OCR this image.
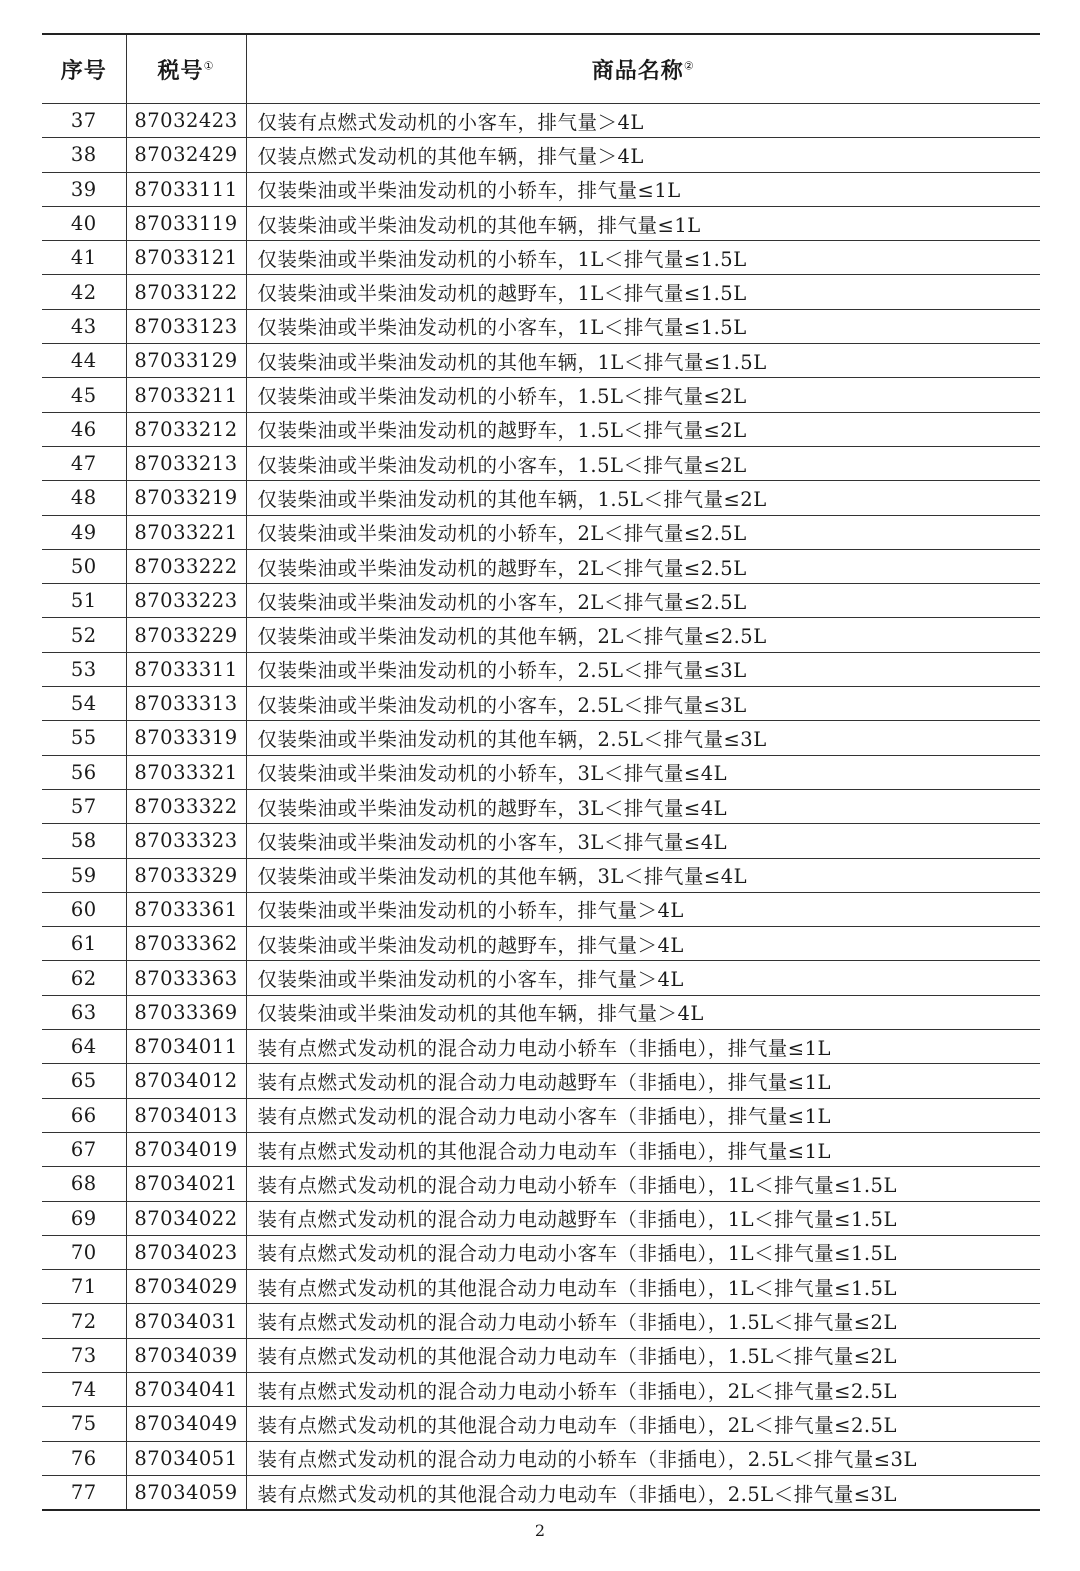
序号	税号①	商品名称②
37	87032423	仅装有点燃式发动机的小客车，排气量＞4L
38	87032429	仅装点燃式发动机的其他车辆，排气量＞4L
39	87033111	仅装柴油或半柴油发动机的小轿车，排气量≤1L
40	87033119	仅装柴油或半柴油发动机的其他车辆，排气量≤1L
41	87033121	仅装柴油或半柴油发动机的小轿车，1L＜排气量≤1.5L
42	87033122	仅装柴油或半柴油发动机的越野车，1L＜排气量≤1.5L
43	87033123	仅装柴油或半柴油发动机的小客车，1L＜排气量≤1.5L
44	87033129	仅装柴油或半柴油发动机的其他车辆，1L＜排气量≤1.5L
45	87033211	仅装柴油或半柴油发动机的小轿车，1.5L＜排气量≤2L
46	87033212	仅装柴油或半柴油发动机的越野车，1.5L＜排气量≤2L
47	87033213	仅装柴油或半柴油发动机的小客车，1.5L＜排气量≤2L
48	87033219	仅装柴油或半柴油发动机的其他车辆，1.5L＜排气量≤2L
49	87033221	仅装柴油或半柴油发动机的小轿车，2L＜排气量≤2.5L
50	87033222	仅装柴油或半柴油发动机的越野车，2L＜排气量≤2.5L
51	87033223	仅装柴油或半柴油发动机的小客车，2L＜排气量≤2.5L
52	87033229	仅装柴油或半柴油发动机的其他车辆，2L＜排气量≤2.5L
53	87033311	仅装柴油或半柴油发动机的小轿车，2.5L＜排气量≤3L
54	87033313	仅装柴油或半柴油发动机的小客车，2.5L＜排气量≤3L
55	87033319	仅装柴油或半柴油发动机的其他车辆，2.5L＜排气量≤3L
56	87033321	仅装柴油或半柴油发动机的小轿车，3L＜排气量≤4L
57	87033322	仅装柴油或半柴油发动机的越野车，3L＜排气量≤4L
58	87033323	仅装柴油或半柴油发动机的小客车，3L＜排气量≤4L
59	87033329	仅装柴油或半柴油发动机的其他车辆，3L＜排气量≤4L
60	87033361	仅装柴油或半柴油发动机的小轿车，排气量＞4L
61	87033362	仅装柴油或半柴油发动机的越野车，排气量＞4L
62	87033363	仅装柴油或半柴油发动机的小客车，排气量＞4L
63	87033369	仅装柴油或半柴油发动机的其他车辆，排气量＞4L
64	87034011	装有点燃式发动机的混合动力电动小轿车（非插电），排气量≤1L
65	87034012	装有点燃式发动机的混合动力电动越野车（非插电），排气量≤1L
66	87034013	装有点燃式发动机的混合动力电动小客车（非插电），排气量≤1L
67	87034019	装有点燃式发动机的其他混合动力电动车（非插电），排气量≤1L
68	87034021	装有点燃式发动机的混合动力电动小轿车（非插电），1L＜排气量≤1.5L
69	87034022	装有点燃式发动机的混合动力电动越野车（非插电），1L＜排气量≤1.5L
70	87034023	装有点燃式发动机的混合动力电动小客车（非插电），1L＜排气量≤1.5L
71	87034029	装有点燃式发动机的其他混合动力电动车（非插电），1L＜排气量≤1.5L
72	87034031	装有点燃式发动机的混合动力电动小轿车（非插电），1.5L＜排气量≤2L
73	87034039	装有点燃式发动机的其他混合动力电动车（非插电），1.5L＜排气量≤2L
74	87034041	装有点燃式发动机的混合动力电动小轿车（非插电），2L＜排气量≤2.5L
75	87034049	装有点燃式发动机的其他混合动力电动车（非插电），2L＜排气量≤2.5L
76	87034051	装有点燃式发动机的混合动力电动的小轿车（非插电），2.5L＜排气量≤3L
77	87034059	装有点燃式发动机的其他混合动力电动车（非插电），2.5L＜排气量≤3L
2
